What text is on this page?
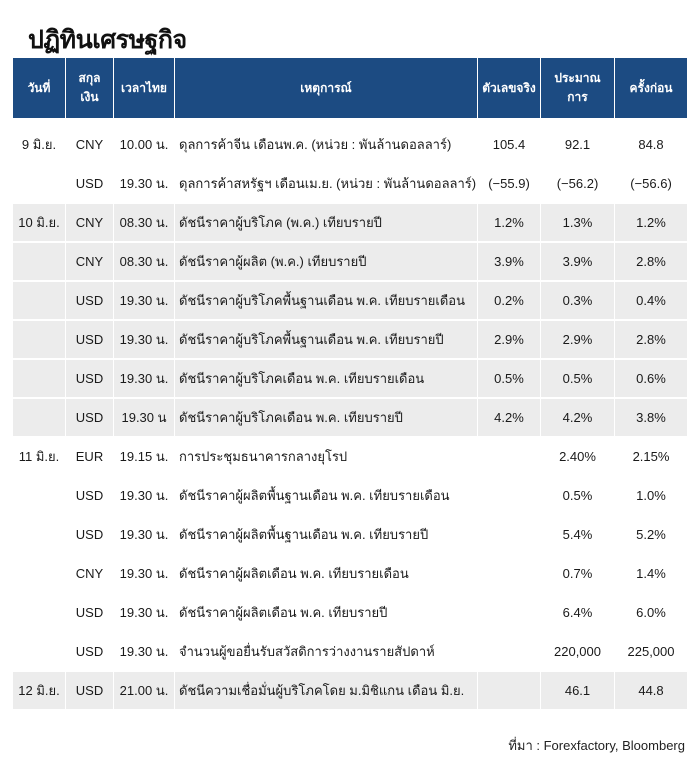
ปฏิทินเศรษฐกิจ
วันที่	สกุลเงิน	เวลาไทย	เหตุการณ์	ตัวเลขจริง	ประมาณการ	ครั้งก่อน

9 มิ.ย.	CNY	10.00 น.	ดุลการค้าจีน เดือนพ.ค. (หน่วย : พันล้านดอลลาร์)	105.4	92.1	84.8
	USD	19.30 น.	ดุลการค้าสหรัฐฯ เดือนเม.ย. (หน่วย : พันล้านดอลลาร์)	(−55.9)	(−56.2)	(−56.6)
10 มิ.ย.	CNY	08.30 น.	ดัชนีราคาผู้บริโภค (พ.ค.) เทียบรายปี	1.2%	1.3%	1.2%
	CNY	08.30 น.	ดัชนีราคาผู้ผลิต (พ.ค.) เทียบรายปี	3.9%	3.9%	2.8%
	USD	19.30 น.	ดัชนีราคาผู้บริโภคพื้นฐานเดือน พ.ค. เทียบรายเดือน	0.2%	0.3%	0.4%
	USD	19.30 น.	ดัชนีราคาผู้บริโภคพื้นฐานเดือน พ.ค. เทียบรายปี	2.9%	2.9%	2.8%
	USD	19.30 น.	ดัชนีราคาผู้บริโภคเดือน พ.ค. เทียบรายเดือน	0.5%	0.5%	0.6%
	USD	19.30 น	ดัชนีราคาผู้บริโภคเดือน พ.ค. เทียบรายปี	4.2%	4.2%	3.8%
11 มิ.ย.	EUR	19.15 น.	การประชุมธนาคารกลางยุโรป		2.40%	2.15%
	USD	19.30 น.	ดัชนีราคาผู้ผลิตพื้นฐานเดือน พ.ค. เทียบรายเดือน		0.5%	1.0%
	USD	19.30 น.	ดัชนีราคาผู้ผลิตพื้นฐานเดือน พ.ค. เทียบรายปี		5.4%	5.2%
	CNY	19.30 น.	ดัชนีราคาผู้ผลิตเดือน พ.ค. เทียบรายเดือน		0.7%	1.4%
	USD	19.30 น.	ดัชนีราคาผู้ผลิตเดือน พ.ค. เทียบรายปี		6.4%	6.0%
	USD	19.30 น.	จำนวนผู้ขอยื่นรับสวัสดิการว่างงานรายสัปดาห์		220,000	225,000
12 มิ.ย.	USD	21.00 น.	ดัชนีความเชื่อมั่นผู้บริโภคโดย ม.มิชิแกน เดือน มิ.ย.		46.1	44.8
ที่มา : Forexfactory, Bloomberg
